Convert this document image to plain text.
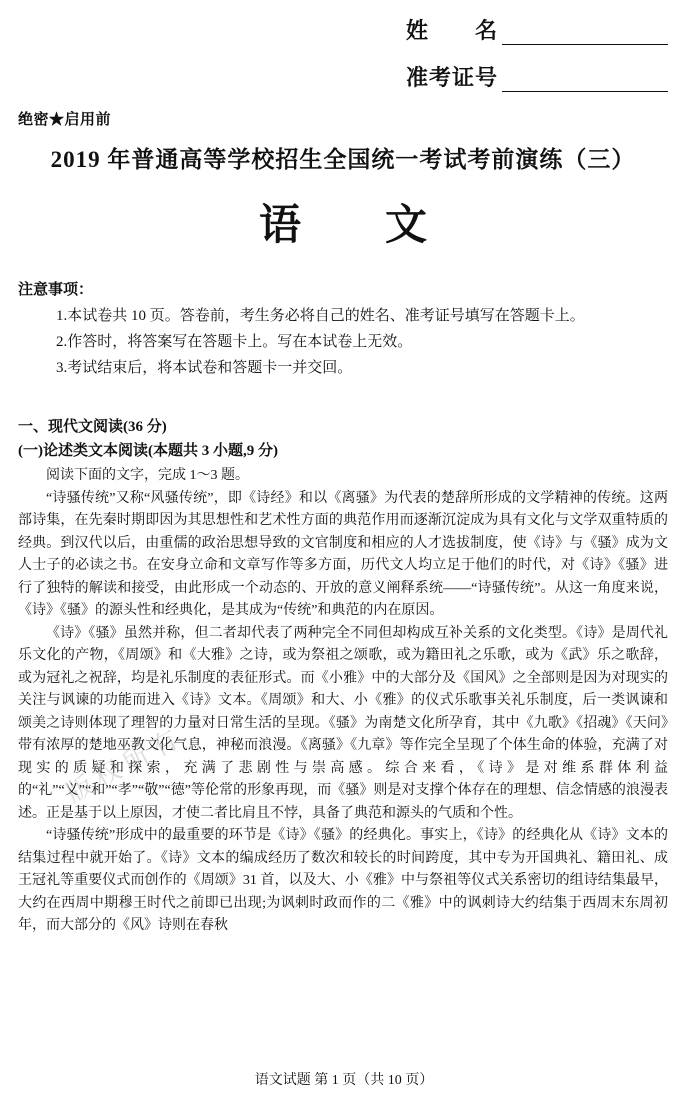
姓　　名
准考证号
绝密★启用前
2019 年普通高等学校招生全国统一考试考前演练（三）
语　　文
注意事项：
1.本试卷共 10 页。答卷前，考生务必将自己的姓名、准考证号填写在答题卡上。
2.作答时，将答案写在答题卡上。写在本试卷上无效。
3.考试结束后，将本试卷和答题卡一并交回。
一、现代文阅读(36 分)
(一)论述类文本阅读(本题共 3 小题,9 分)

阅读下面的文字，完成 1～3 题。

“诗骚传统”又称“风骚传统”，即《诗经》和以《离骚》为代表的楚辞所形成的文学精神的传统。这两部诗集，在先秦时期即因为其思想性和艺术性方面的典范作用而逐渐沉淀成为具有文化与文学双重特质的经典。到汉代以后，由重儒的政治思想导致的文官制度和相应的人才选拔制度，使《诗》与《骚》成为文人士子的必读之书。在安身立命和文章写作等多方面，历代文人均立足于他们的时代，对《诗》《骚》进行了独特的解读和接受，由此形成一个动态的、开放的意义阐释系统——“诗骚传统”。从这一角度来说，《诗》《骚》的源头性和经典化，是其成为“传统”和典范的内在原因。

《诗》《骚》虽然并称，但二者却代表了两种完全不同但却构成互补关系的文化类型。《诗》是周代礼乐文化的产物，《周颂》和《大雅》之诗，或为祭祖之颂歌，或为籍田礼之乐歌，或为《武》乐之歌辞，或为冠礼之祝辞，均是礼乐制度的表征形式。而《小雅》中的大部分及《国风》之全部则是因为对现实的关注与讽谏的功能而进入《诗》文本。《周颂》和大、小《雅》的仪式乐歌事关礼乐制度，后一类讽谏和颂美之诗则体现了理智的力量对日常生活的呈现。《骚》为南楚文化所孕育，其中《九歌》《招魂》《天问》带有浓厚的楚地巫教文化气息，神秘而浪漫。《离骚》《九章》等作完全呈现了个体生命的体验，充满了对现实的质疑和探索，充满了悲剧性与崇高感。综合来看，《诗》是对维系群体利益的“礼”“义”“和”“孝”“敬”“德”等伦常的形象再现，而《骚》则是对支撑个体存在的理想、信念情感的浪漫表述。正是基于以上原因，才使二者比肩且不悖，具备了典范和源头的气质和个性。

“诗骚传统”形成中的最重要的环节是《诗》《骚》的经典化。事实上，《诗》的经典化从《诗》文本的结集过程中就开始了。《诗》文本的编成经历了数次和较长的时间跨度，其中专为开国典礼、籍田礼、成王冠礼等重要仪式而创作的《周颂》31 首，以及大、小《雅》中与祭祖等仪式关系密切的组诗结集最早，大约在西周中期穆王时代之前即已出现;为讽刺时政而作的二《雅》中的讽刺诗大约结集于西周末东周初年，而大部分的《风》诗则在春秋

版权所有
语文试题 第 1 页（共 10 页）
